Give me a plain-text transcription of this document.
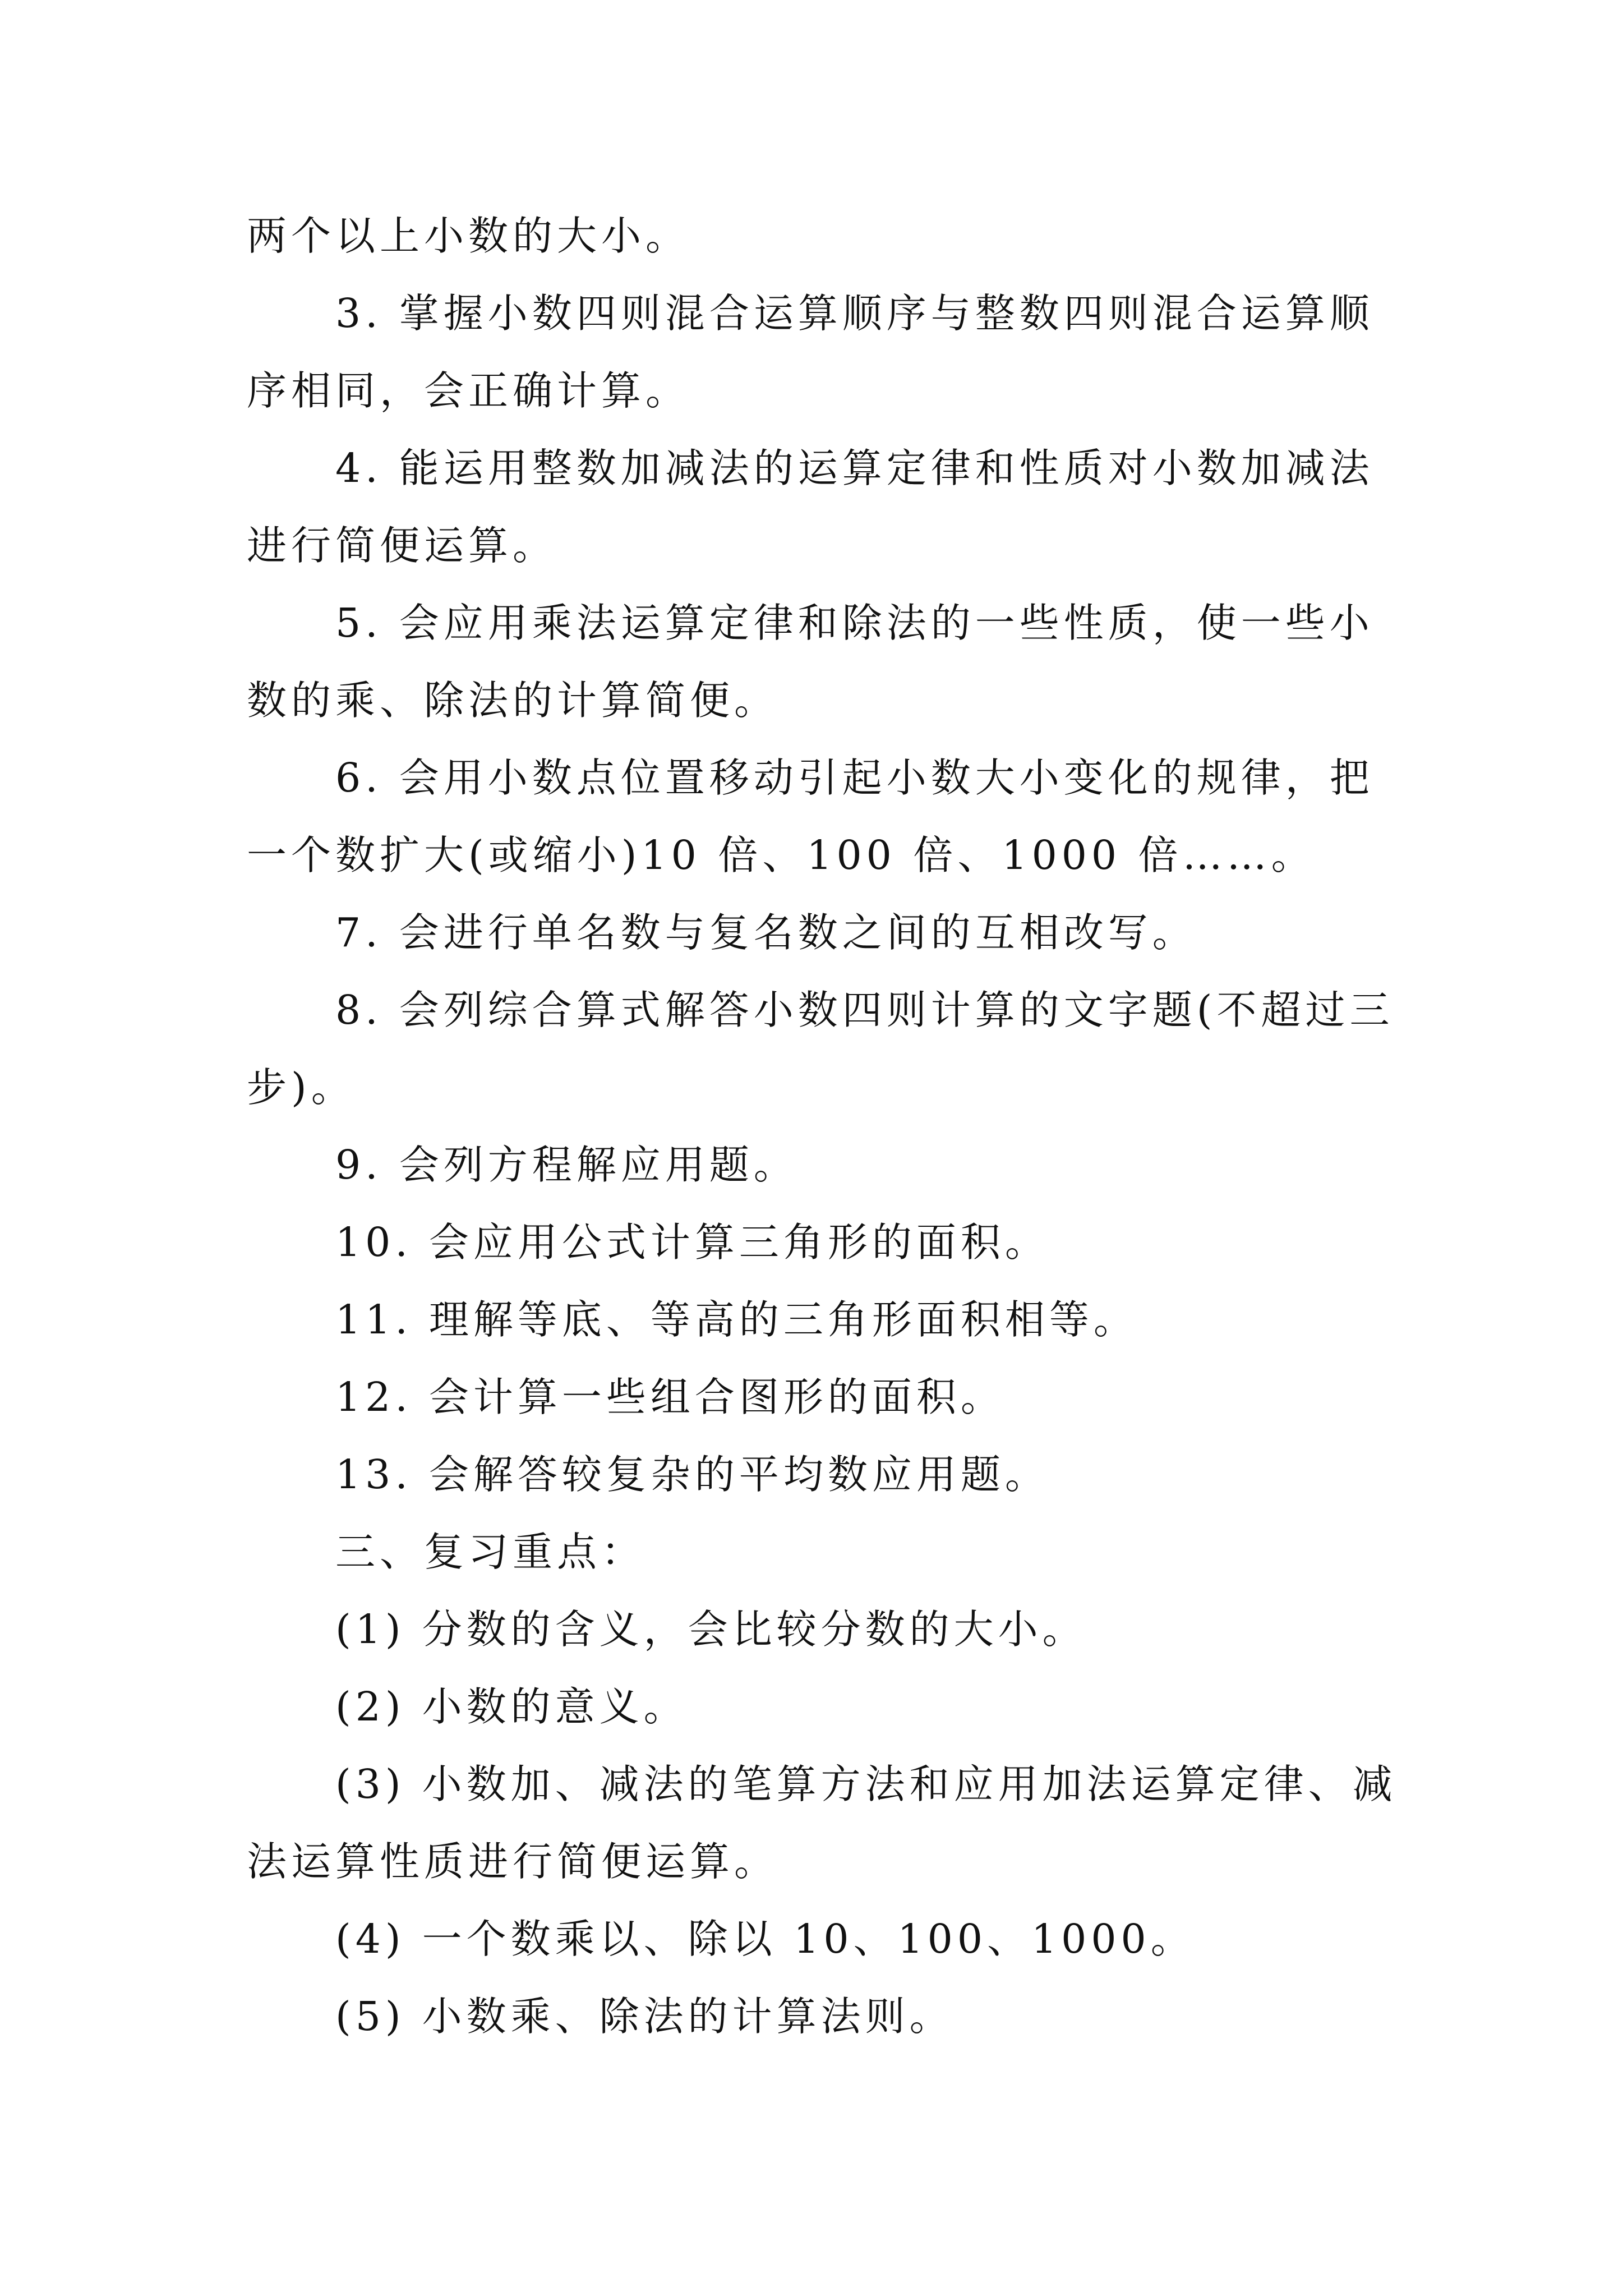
两个以上小数的大小。
3. 掌握小数四则混合运算顺序与整数四则混合运算顺
序相同，会正确计算。
4. 能运用整数加减法的运算定律和性质对小数加减法
进行简便运算。
5. 会应用乘法运算定律和除法的一些性质，使一些小
数的乘、除法的计算简便。
6. 会用小数点位置移动引起小数大小变化的规律，把
一个数扩大(或缩小)10 倍、100 倍、1000 倍……。
7. 会进行单名数与复名数之间的互相改写。
8. 会列综合算式解答小数四则计算的文字题(不超过三
步)。
9. 会列方程解应用题。
10. 会应用公式计算三角形的面积。
11. 理解等底、等高的三角形面积相等。
12. 会计算一些组合图形的面积。
13. 会解答较复杂的平均数应用题。
三、复习重点：
(1) 分数的含义，会比较分数的大小。
(2) 小数的意义。
(3) 小数加、减法的笔算方法和应用加法运算定律、减
法运算性质进行简便运算。
(4) 一个数乘以、除以 10、100、1000。
(5) 小数乘、除法的计算法则。
